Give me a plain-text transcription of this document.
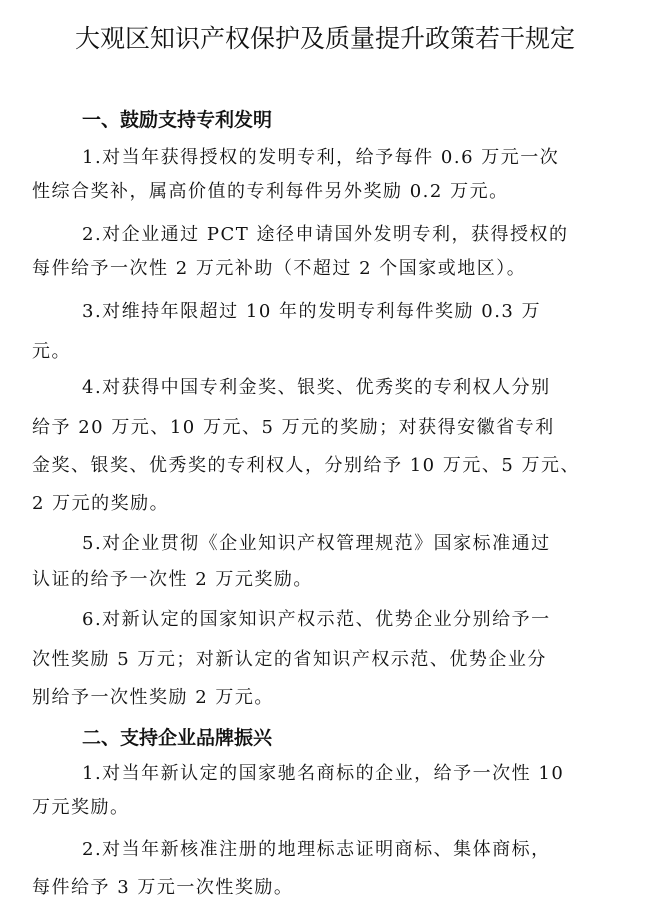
大观区知识产权保护及质量提升政策若干规定
一、鼓励支持专利发明
1.对当年获得授权的发明专利，给予每件 0.6 万元一次
性综合奖补，属高价值的专利每件另外奖励 0.2 万元。
2.对企业通过 PCT 途径申请国外发明专利，获得授权的
每件给予一次性 2 万元补助（不超过 2 个国家或地区）。
3.对维持年限超过 10 年的发明专利每件奖励 0.3 万
元。
4.对获得中国专利金奖、银奖、优秀奖的专利权人分别
给予 20 万元、10 万元、5 万元的奖励；对获得安徽省专利
金奖、银奖、优秀奖的专利权人，分别给予 10 万元、5 万元、
2 万元的奖励。
5.对企业贯彻《企业知识产权管理规范》国家标准通过
认证的给予一次性 2 万元奖励。
6.对新认定的国家知识产权示范、优势企业分别给予一
次性奖励 5 万元；对新认定的省知识产权示范、优势企业分
别给予一次性奖励 2 万元。
二、支持企业品牌振兴
1.对当年新认定的国家驰名商标的企业，给予一次性 10
万元奖励。
2.对当年新核准注册的地理标志证明商标、集体商标，
每件给予 3 万元一次性奖励。
